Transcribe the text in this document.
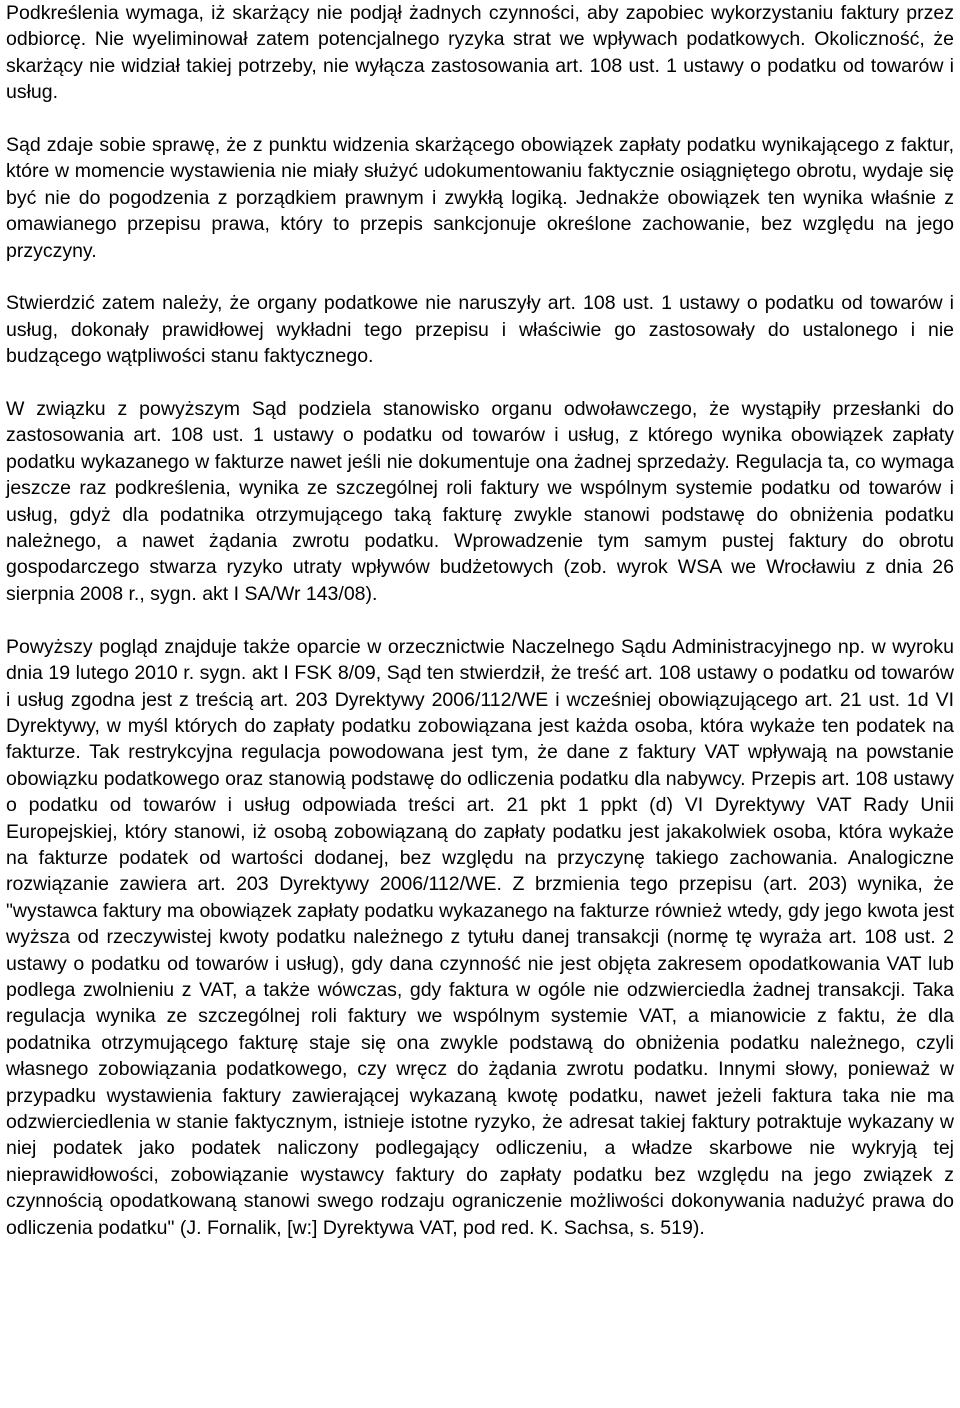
Podkreślenia wymaga, iż skarżący nie podjął żadnych czynności, aby zapobiec wykorzystaniu faktury przez odbiorcę. Nie wyeliminował zatem potencjalnego ryzyka strat we wpływach podatkowych. Okoliczność, że skarżący nie widział takiej potrzeby, nie wyłącza zastosowania art. 108 ust. 1 ustawy o podatku od towarów i usług.

Sąd zdaje sobie sprawę, że z punktu widzenia skarżącego obowiązek zapłaty podatku wynikającego z faktur, które w momencie wystawienia nie miały służyć udokumentowaniu faktycznie osiągniętego obrotu, wydaje się być nie do pogodzenia z porządkiem prawnym i zwykłą logiką. Jednakże obowiązek ten wynika właśnie z omawianego przepisu prawa, który to przepis sankcjonuje określone zachowanie, bez względu na jego przyczyny.

Stwierdzić zatem należy, że organy podatkowe nie naruszyły art. 108 ust. 1 ustawy o podatku od towarów i usług, dokonały prawidłowej wykładni tego przepisu i właściwie go zastosowały do ustalonego i nie budzącego wątpliwości stanu faktycznego.

W związku z powyższym Sąd podziela stanowisko organu odwoławczego, że wystąpiły przesłanki do zastosowania art. 108 ust. 1 ustawy o podatku od towarów i usług, z którego wynika obowiązek zapłaty podatku wykazanego w fakturze nawet jeśli nie dokumentuje ona żadnej sprzedaży. Regulacja ta, co wymaga jeszcze raz podkreślenia, wynika ze szczególnej roli faktury we wspólnym systemie podatku od towarów i usług, gdyż dla podatnika otrzymującego taką fakturę zwykle stanowi podstawę do obniżenia podatku należnego, a nawet żądania zwrotu podatku. Wprowadzenie tym samym pustej faktury do obrotu gospodarczego stwarza ryzyko utraty wpływów budżetowych (zob. wyrok WSA we Wrocławiu z dnia 26 sierpnia 2008 r., sygn. akt I SA/Wr 143/08).

Powyższy pogląd znajduje także oparcie w orzecznictwie Naczelnego Sądu Administracyjnego np. w wyroku dnia 19 lutego 2010 r. sygn. akt I FSK 8/09, Sąd ten stwierdził, że treść art. 108 ustawy o podatku od towarów i usług zgodna jest z treścią art. 203 Dyrektywy 2006/112/WE i wcześniej obowiązującego art. 21 ust. 1d VI Dyrektywy, w myśl których do zapłaty podatku zobowiązana jest każda osoba, która wykaże ten podatek na fakturze. Tak restrykcyjna regulacja powodowana jest tym, że dane z faktury VAT wpływają na powstanie obowiązku podatkowego oraz stanowią podstawę do odliczenia podatku dla nabywcy. Przepis art. 108 ustawy o podatku od towarów i usług odpowiada treści art. 21 pkt 1 ppkt (d) VI Dyrektywy VAT Rady Unii Europejskiej, który stanowi, iż osobą zobowiązaną do zapłaty podatku jest jakakolwiek osoba, która wykaże na fakturze podatek od wartości dodanej, bez względu na przyczynę takiego zachowania. Analogiczne rozwiązanie zawiera art. 203 Dyrektywy 2006/112/WE. Z brzmienia tego przepisu (art. 203) wynika, że "wystawca faktury ma obowiązek zapłaty podatku wykazanego na fakturze również wtedy, gdy jego kwota jest wyższa od rzeczywistej kwoty podatku należnego z tytułu danej transakcji (normę tę wyraża art. 108 ust. 2 ustawy o podatku od towarów i usług), gdy dana czynność nie jest objęta zakresem opodatkowania VAT lub podlega zwolnieniu z VAT, a także wówczas, gdy faktura w ogóle nie odzwierciedla żadnej transakcji. Taka regulacja wynika ze szczególnej roli faktury we wspólnym systemie VAT, a mianowicie z faktu, że dla podatnika otrzymującego fakturę staje się ona zwykle podstawą do obniżenia podatku należnego, czyli własnego zobowiązania podatkowego, czy wręcz do żądania zwrotu podatku. Innymi słowy, ponieważ w przypadku wystawienia faktury zawierającej wykazaną kwotę podatku, nawet jeżeli faktura taka nie ma odzwierciedlenia w stanie faktycznym, istnieje istotne ryzyko, że adresat takiej faktury potraktuje wykazany w niej podatek jako podatek naliczony podlegający odliczeniu, a władze skarbowe nie wykryją tej nieprawidłowości, zobowiązanie wystawcy faktury do zapłaty podatku bez względu na jego związek z czynnością opodatkowaną stanowi swego rodzaju ograniczenie możliwości dokonywania nadużyć prawa do odliczenia podatku" (J. Fornalik, [w:] Dyrektywa VAT, pod red. K. Sachsa, s. 519).
